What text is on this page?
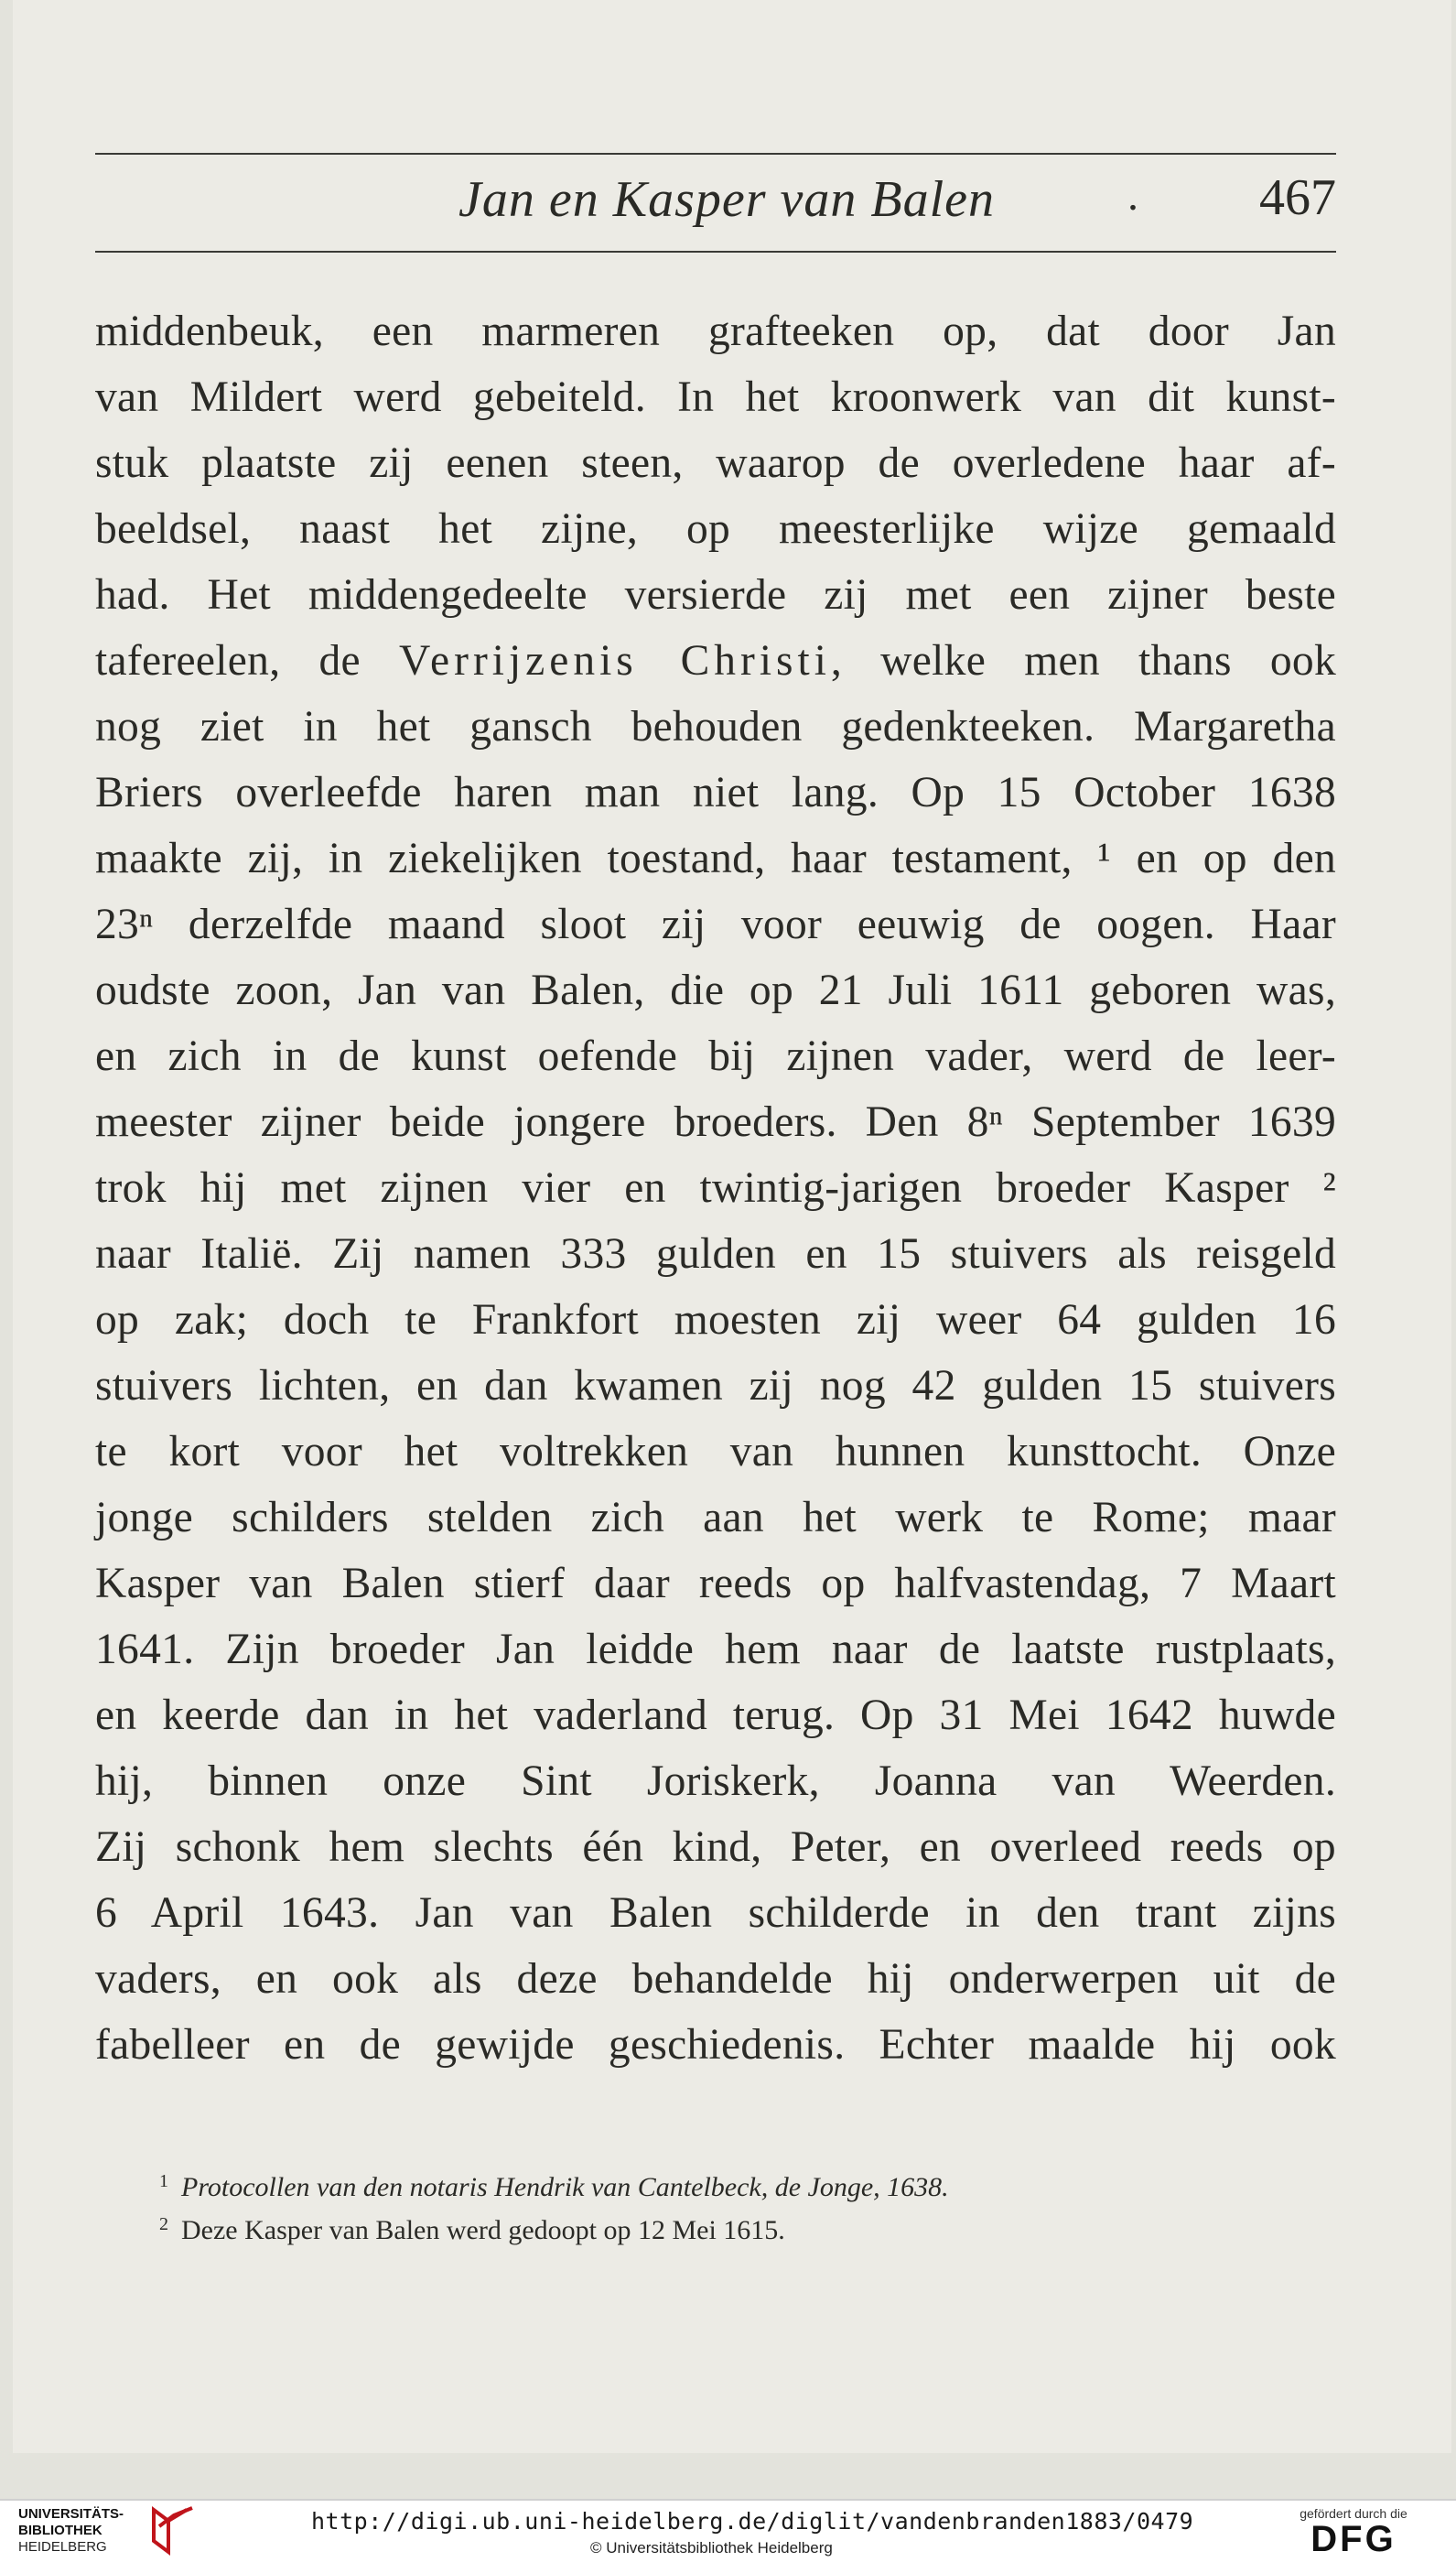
Jan en Kasper van Balen	. 467
middenbeuk, een marmeren grafteeken op, dat door Jan
van Mildert werd gebeiteld. In het kroonwerk van dit kunst-
stuk plaatste zij eenen steen, waarop de overledene haar af-
beeldsel, naast het zijne, op meesterlijke wijze gemaald
had. Het middengedeelte versierde zij met een zijner beste
tafereelen, de Verrijzenis Christi, welke men thans ook
nog ziet in het gansch behouden gedenkteeken. Margaretha
Briers overleefde haren man niet lang. Op 15 October 1638
maakte zij, in ziekelijken toestand, haar testament, ¹ en op den
23ⁿ derzelfde maand sloot zij voor eeuwig de oogen. Haar
oudste zoon, Jan van Balen, die op 21 Juli 1611 geboren was,
en zich in de kunst oefende bij zijnen vader, werd de leer-
meester zijner beide jongere broeders. Den 8ⁿ September 1639
trok hij met zijnen vier en twintig-jarigen broeder Kasper ²
naar Italië. Zij namen 333 gulden en 15 stuivers als reisgeld
op zak; doch te Frankfort moesten zij weer 64 gulden 16
stuivers lichten, en dan kwamen zij nog 42 gulden 15 stuivers
te kort voor het voltrekken van hunnen kunsttocht. Onze
jonge schilders stelden zich aan het werk te Rome; maar
Kasper van Balen stierf daar reeds op halfvastendag, 7 Maart
1641. Zijn broeder Jan leidde hem naar de laatste rustplaats,
en keerde dan in het vaderland terug. Op 31 Mei 1642 huwde
hij, binnen onze Sint Joriskerk, Joanna van Weerden.
Zij schonk hem slechts één kind, Peter, en overleed reeds op
6 April 1643. Jan van Balen schilderde in den trant zijns
vaders, en ook als deze behandelde hij onderwerpen uit de
fabelleer en de gewijde geschiedenis. Echter maalde hij ook
$^1$ Protocollen van den notaris Hendrik van Cantelbeck, de Jonge, 1638.
$^2$ Deze Kasper van Balen werd gedoopt op 12 Mei 1615.
UNIVERSITÄTS-
BIBLIOTHEK
HEIDELBERG
http://digi.ub.uni-heidelberg.de/diglit/vandenbranden1883/0479
© Universitätsbibliothek Heidelberg
gefördert durch die
DFG
